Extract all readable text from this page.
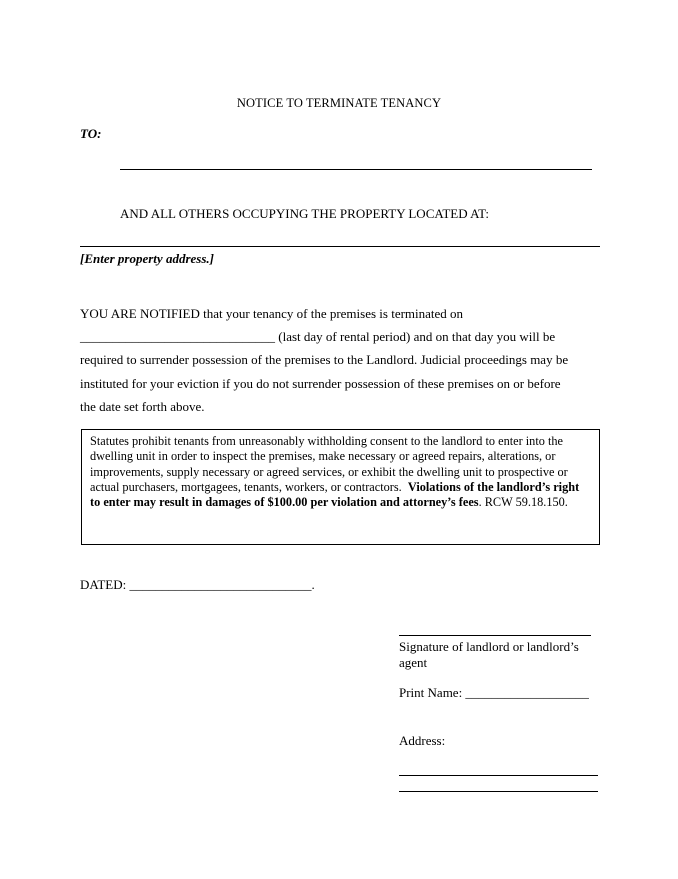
NOTICE TO TERMINATE TENANCY
TO:
AND ALL OTHERS OCCUPYING THE PROPERTY LOCATED AT:
[Enter property address.]
YOU ARE NOTIFIED that your tenancy of the premises is terminated on
______________________________ (last day of rental period) and on that day you will be
required to surrender possession of the premises to the Landlord. Judicial proceedings may be
instituted for your eviction if you do not surrender possession of these premises on or before
the date set forth above.
Statutes prohibit tenants from unreasonably withholding consent to the landlord to enter into the dwelling unit in order to inspect the premises, make necessary or agreed repairs, alterations, or improvements, supply necessary or agreed services, or exhibit the dwelling unit to prospective or actual purchasers, mortgagees, tenants, workers, or contractors. Violations of the landlord’s right to enter may result in damages of $100.00 per violation and attorney’s fees. RCW 59.18.150.
DATED: ____________________________.
Signature of landlord or landlord’s agent
Print Name: ___________________
Address:
